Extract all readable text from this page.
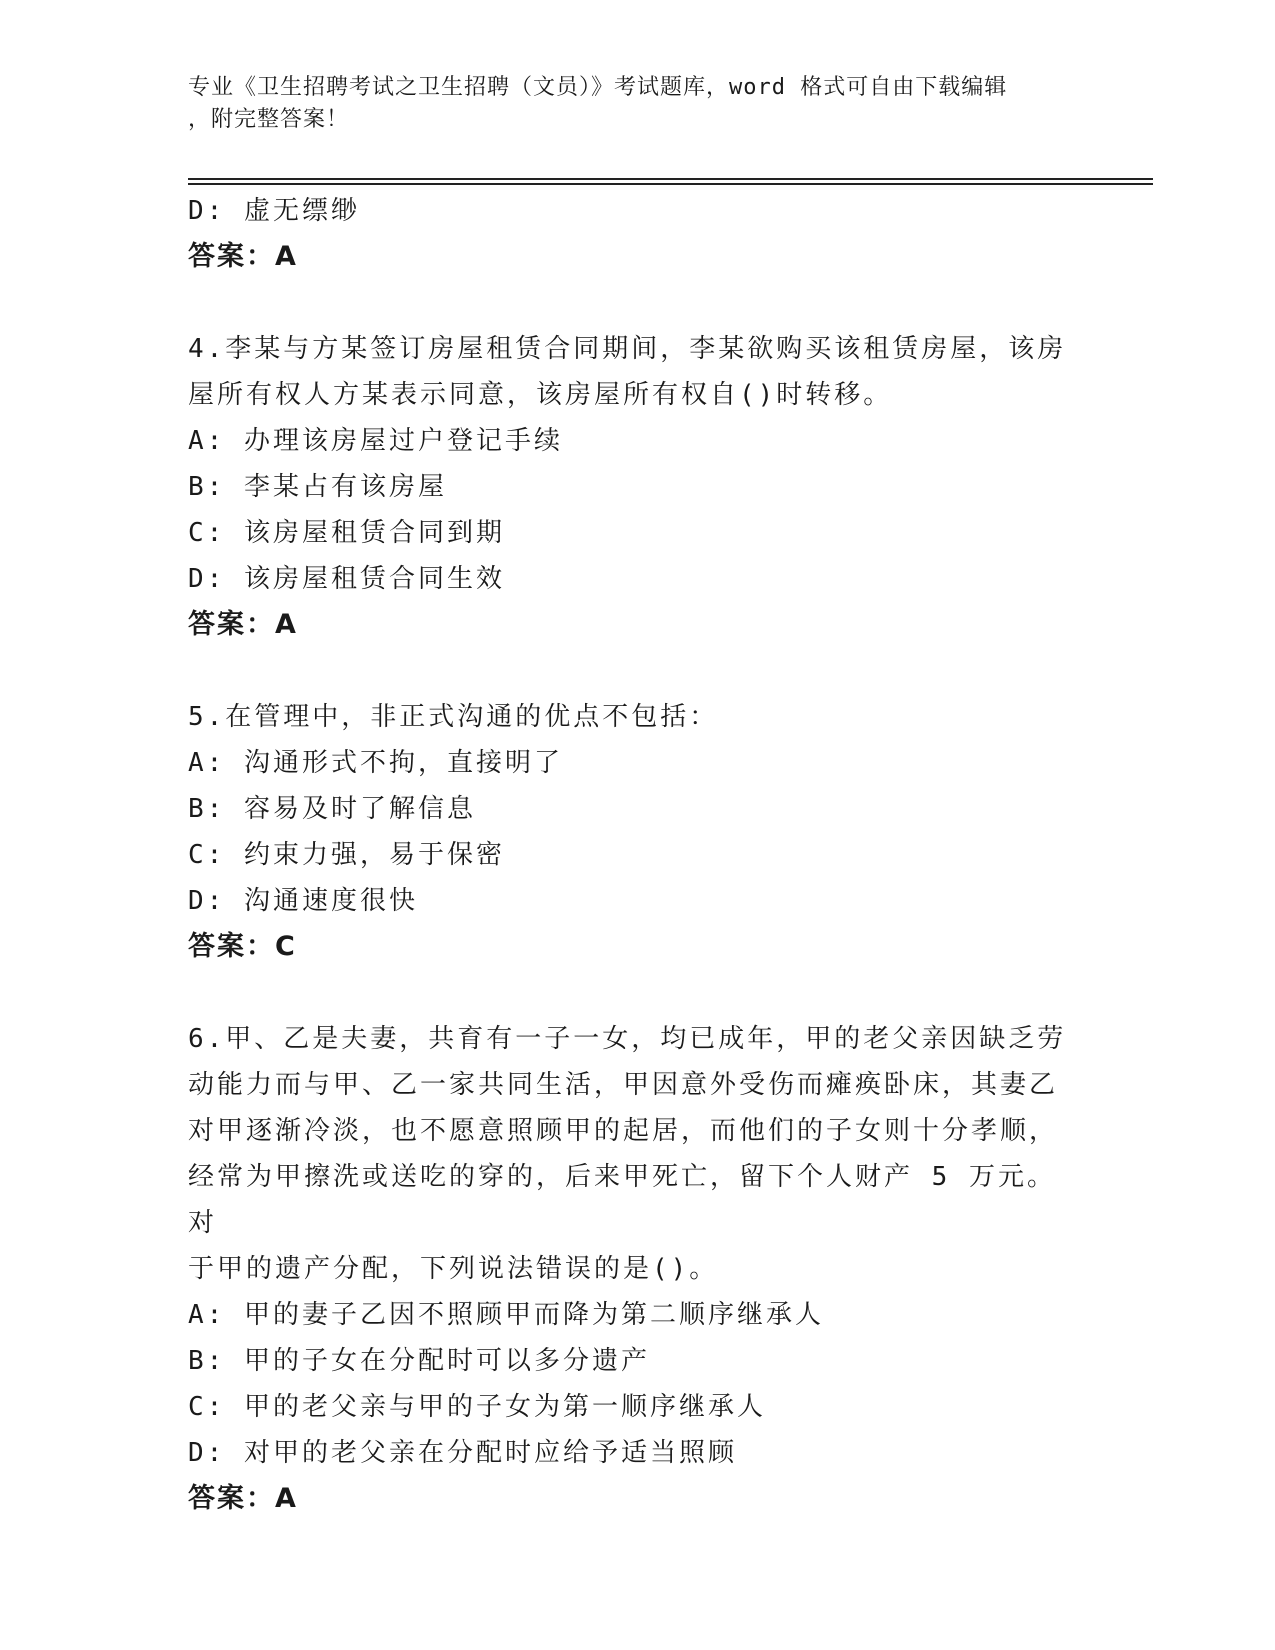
专业《卫生招聘考试之卫生招聘（文员）》考试题库，word 格式可自由下载编辑
，附完整答案！
D: 虚无缥缈
答案：A
4.李某与方某签订房屋租赁合同期间，李某欲购买该租赁房屋，该房
屋所有权人方某表示同意，该房屋所有权自()时转移。
A: 办理该房屋过户登记手续
B: 李某占有该房屋
C: 该房屋租赁合同到期
D: 该房屋租赁合同生效
答案：A
5.在管理中，非正式沟通的优点不包括：
A: 沟通形式不拘，直接明了
B: 容易及时了解信息
C: 约束力强，易于保密
D: 沟通速度很快
答案：C
6.甲、乙是夫妻，共育有一子一女，均已成年，甲的老父亲因缺乏劳
动能力而与甲、乙一家共同生活，甲因意外受伤而瘫痪卧床，其妻乙
对甲逐渐冷淡，也不愿意照顾甲的起居，而他们的子女则十分孝顺，
经常为甲擦洗或送吃的穿的，后来甲死亡，留下个人财产 5 万元。对
于甲的遗产分配，下列说法错误的是()。
A: 甲的妻子乙因不照顾甲而降为第二顺序继承人
B: 甲的子女在分配时可以多分遗产
C: 甲的老父亲与甲的子女为第一顺序继承人
D: 对甲的老父亲在分配时应给予适当照顾
答案：A
